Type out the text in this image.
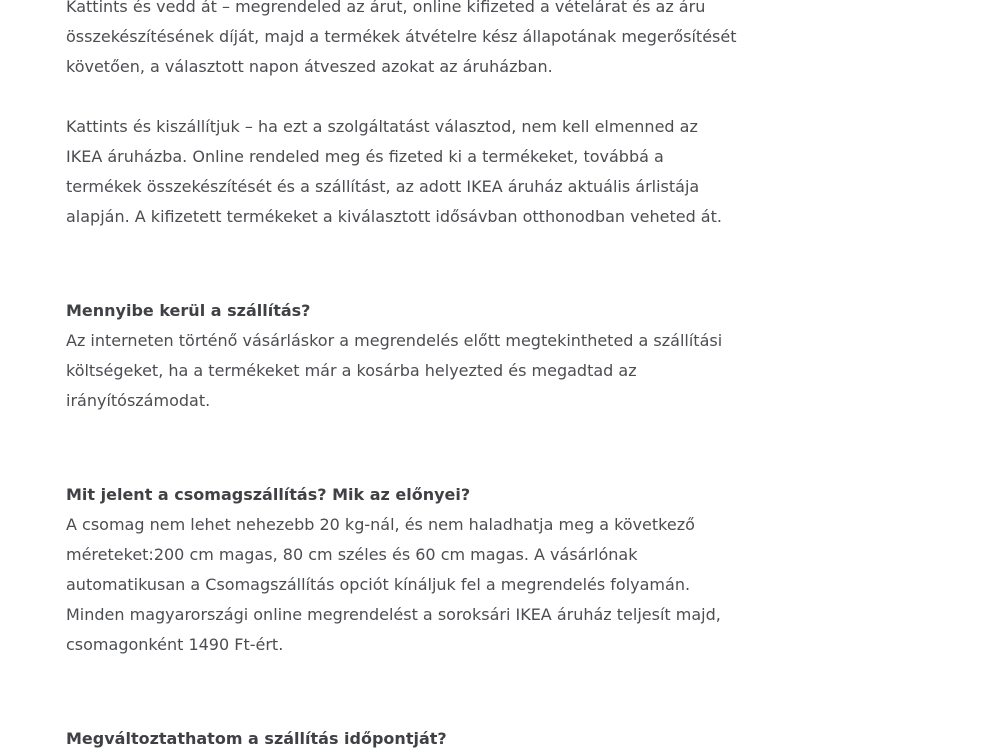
Kattints és vedd át – megrendeled az árut, online kifizeted a vételárat és az áru
összekészítésének díját, majd a termékek átvételre kész állapotának megerősítését
követően, a választott napon átveszed azokat az áruházban.
Kattints és kiszállítjuk – ha ezt a szolgáltatást választod, nem kell elmenned az
IKEA áruházba. Online rendeled meg és fizeted ki a termékeket, továbbá a
termékek összekészítését és a szállítást, az adott IKEA áruház aktuális árlistája
alapján. A kifizetett termékeket a kiválasztott idősávban otthonodban veheted át.
Mennyibe kerül a szállítás?
Az interneten történő vásárláskor a megrendelés előtt megtekintheted a szállítási
költségeket, ha a termékeket már a kosárba helyezted és megadtad az
irányítószámodat.
Mit jelent a csomagszállítás? Mik az előnyei?
A csomag nem lehet nehezebb 20 kg-nál, és nem haladhatja meg a következő
méreteket:200 cm magas, 80 cm széles és 60 cm magas. A vásárlónak
automatikusan a Csomagszállítás opciót kínáljuk fel a megrendelés folyamán.
Minden magyarországi online megrendelést a soroksári IKEA áruház teljesít majd,
csomagonként 1490 Ft-ért.
Megváltoztathatom a szállítás időpontját?
